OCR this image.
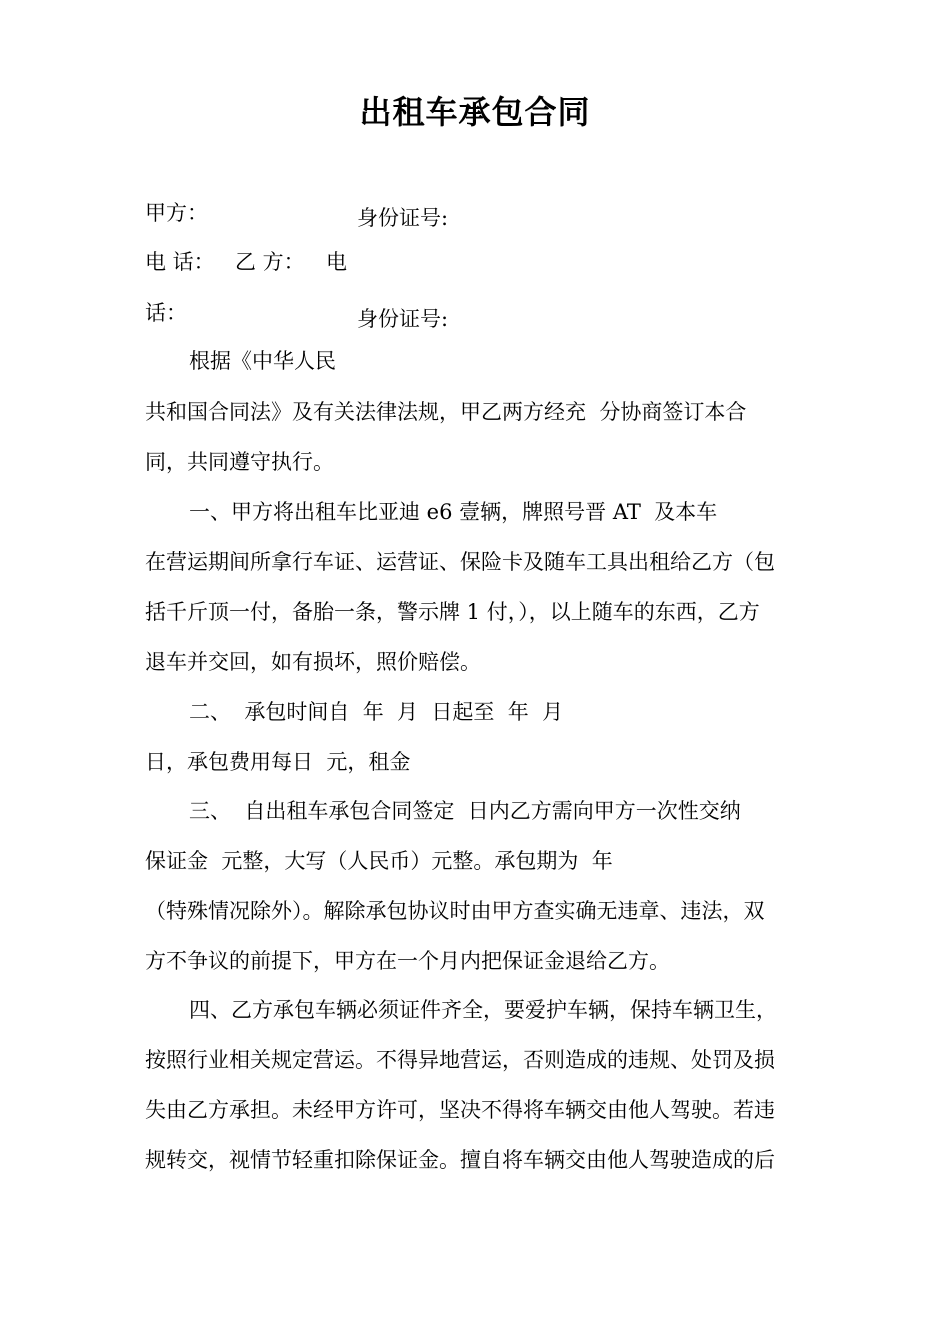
出租车承包合同
甲方：	身份证号:
电 话： 乙 方： 电
话：	身份证号:
根据《中华人民
共和国合同法》及有关法律法规，甲乙两方经充  分协商签订本合
同，共同遵守执行。
一、甲方将出租车比亚迪 e6 壹辆，牌照号晋 AT  及本车
在营运期间所拿行车证、运营证、保险卡及随车工具出租给乙方（包
括千斤顶一付，备胎一条，警示牌 1 付，），以上随车的东西，乙方
退车并交回，如有损坏，照价赔偿。
二、  承包时间自  年  月  日起至  年  月
日，承包费用每日  元，租金
三、  自出租车承包合同签定  日内乙方需向甲方一次性交纳
保证金  元整，大写（人民币）元整。承包期为  年
（特殊情况除外）。解除承包协议时由甲方查实确无违章、违法，双
方不争议的前提下，甲方在一个月内把保证金退给乙方。
四、乙方承包车辆必须证件齐全，要爱护车辆，保持车辆卫生，
按照行业相关规定营运。不得异地营运，否则造成的违规、处罚及损
失由乙方承担。未经甲方许可，坚决不得将车辆交由他人驾驶。若违
规转交，视情节轻重扣除保证金。擅自将车辆交由他人驾驶造成的后
